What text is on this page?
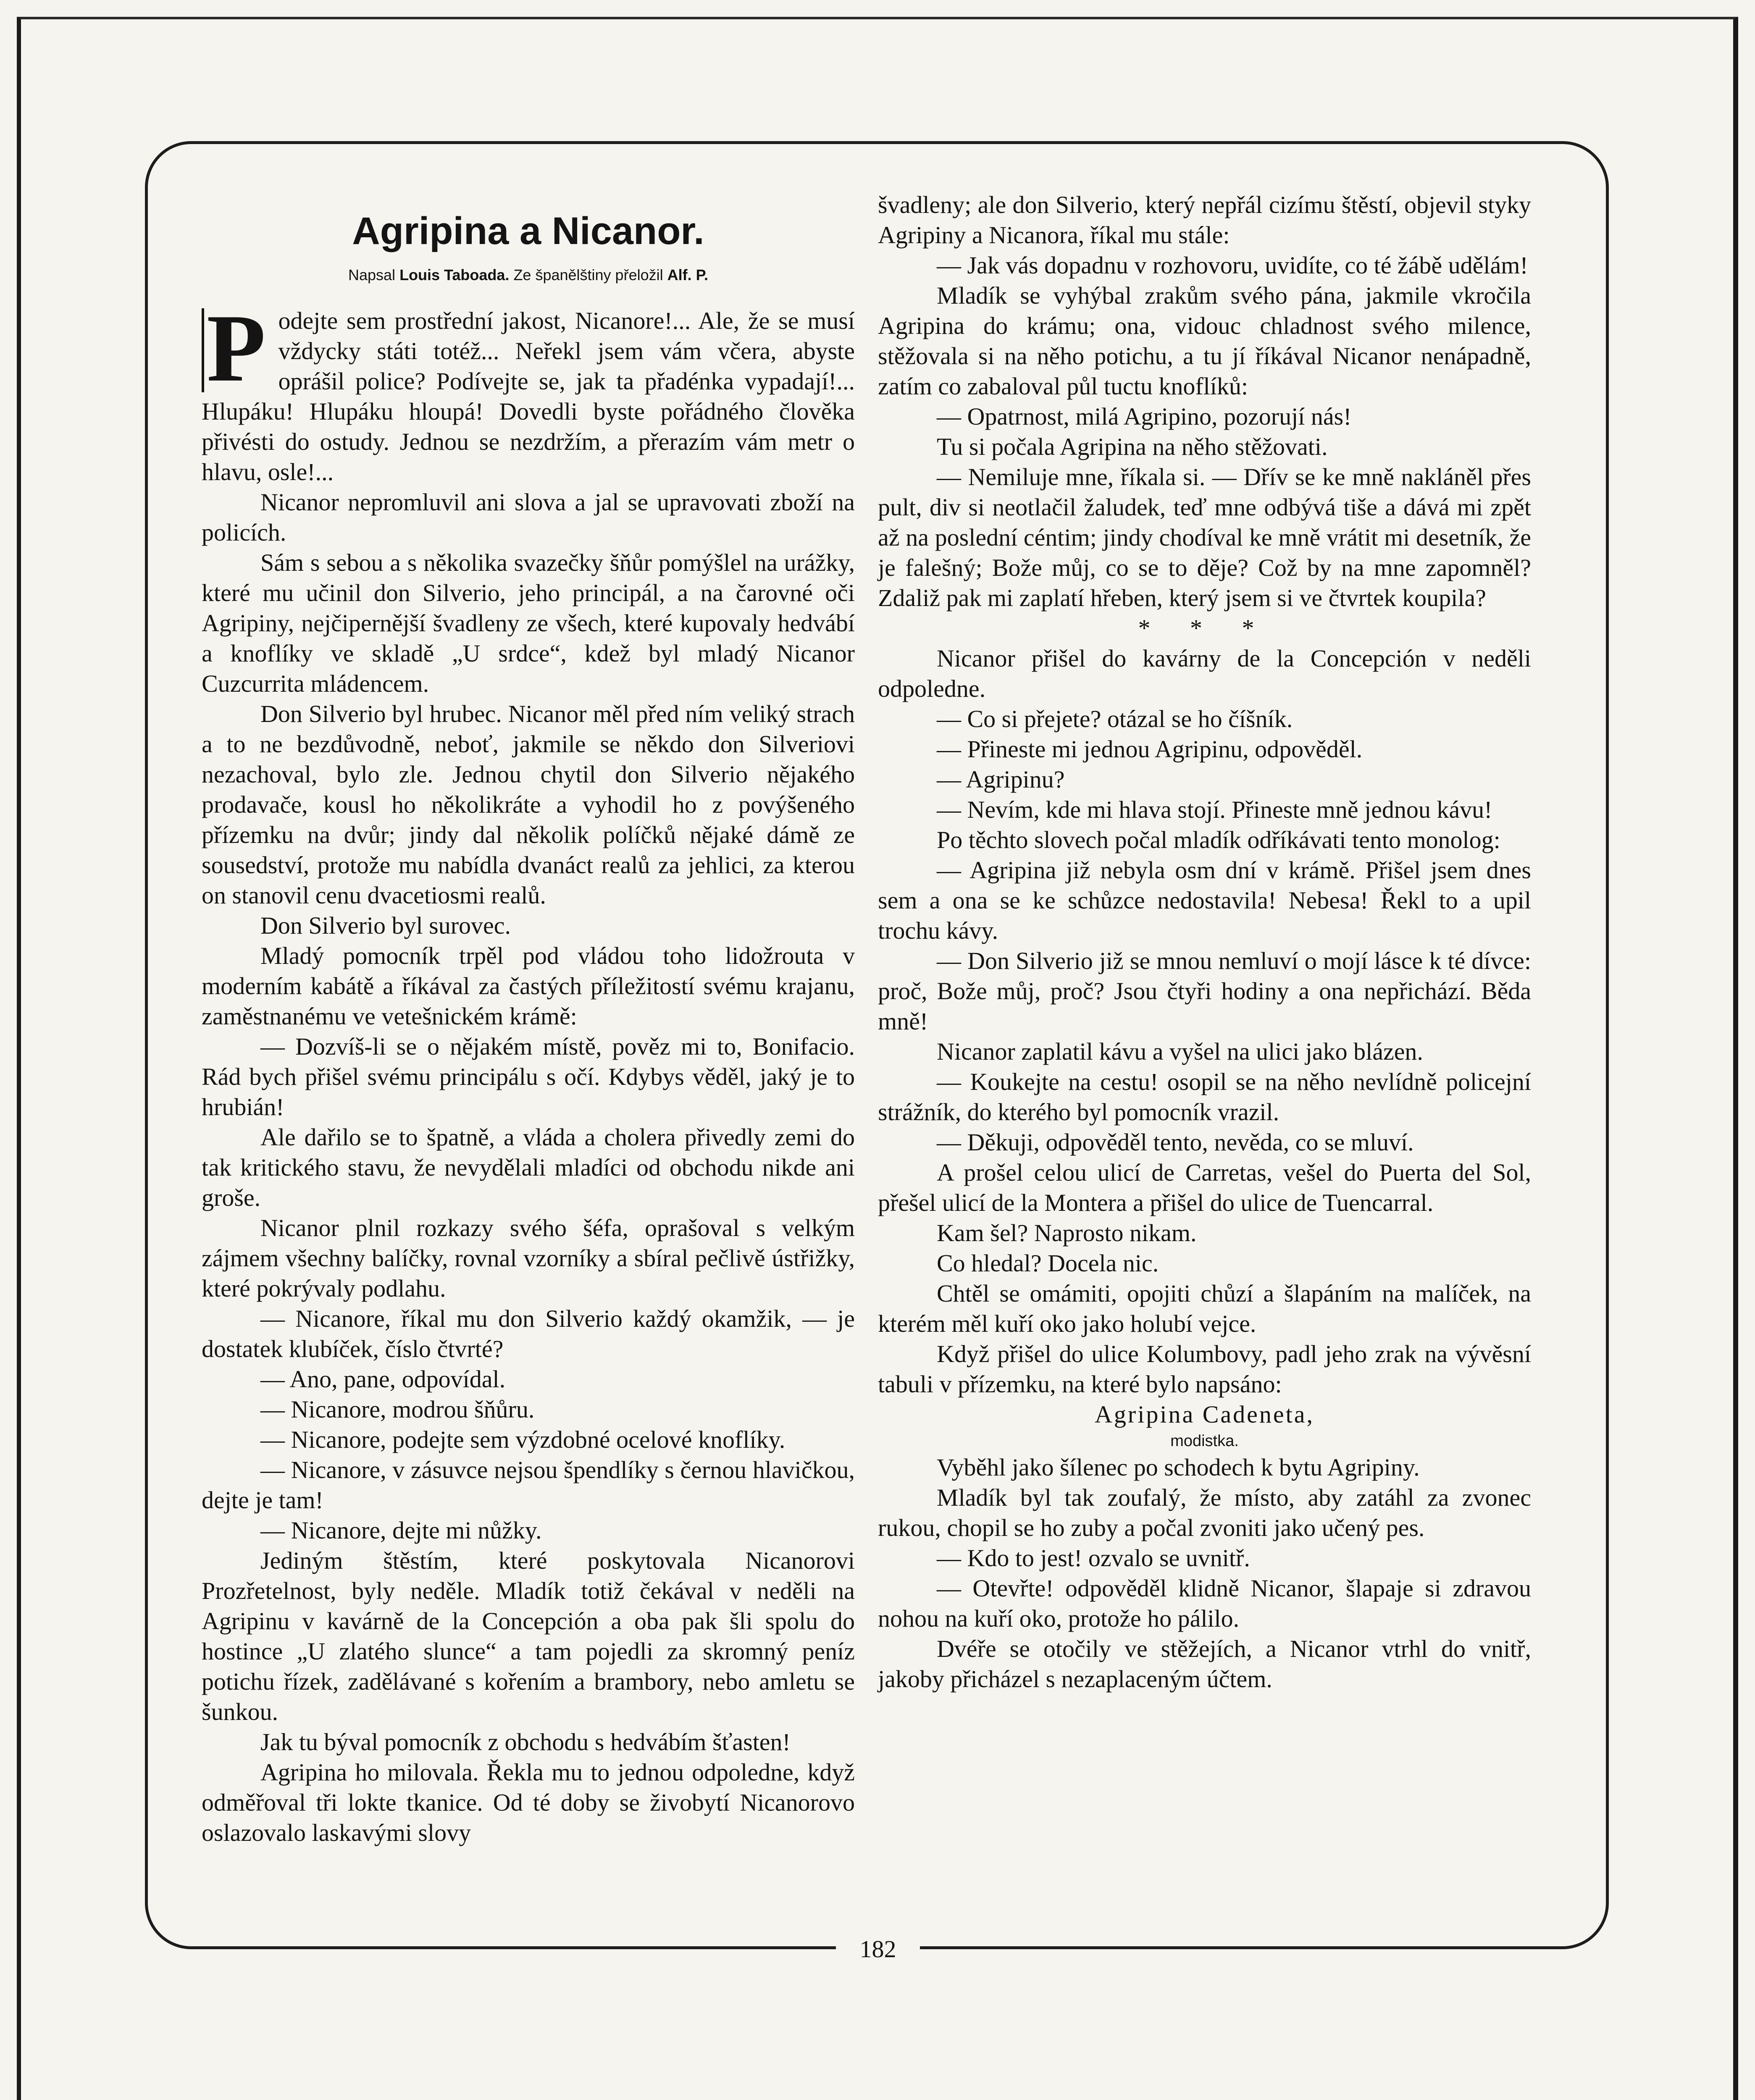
Agripina a Nicanor.
Napsal Louis Taboada. Ze španělštiny přeložil Alf. P.

P odejte sem prostřední jakost, Nicanore!... Ale, že se musí vždycky státi totéž... Neřekl jsem vám včera, abyste oprášil police? Podívejte se, jak ta přadénka vypadají!... Hlupáku! Hlupáku hloupá! Dovedli byste pořádného člověka přivésti do ostudy. Jednou se nezdržím, a přerazím vám metr o hlavu, osle!...

Nicanor nepromluvil ani slova a jal se upravovati zboží na policích.

Sám s sebou a s několika svazečky šňůr pomýšlel na urážky, které mu učinil don Silverio, jeho principál, a na čarovné oči Agripiny, nejčipernější švadleny ze všech, které kupovaly hedvábí a knoflíky ve skladě „U srdce“, kdež byl mladý Nicanor Cuzcurrita mládencem.

Don Silverio byl hrubec. Nicanor měl před ním veliký strach a to ne bezdůvodně, neboť, jakmile se někdo don Silveriovi nezachoval, bylo zle. Jednou chytil don Silverio nějakého prodavače, kousl ho několikráte a vyhodil ho z povýšeného přízemku na dvůr; jindy dal několik políčků nějaké dámě ze sousedství, protože mu nabídla dvanáct realů za jehlici, za kterou on stanovil cenu dvacetiosmi realů.

Don Silverio byl surovec.

Mladý pomocník trpěl pod vládou toho lidožrouta v moderním kabátě a říkával za častých příležitostí svému krajanu, zaměstnanému ve vetešnickém krámě:

— Dozvíš-li se o nějakém místě, pověz mi to, Bonifacio. Rád bych přišel svému principálu s očí. Kdybys věděl, jaký je to hrubián!

Ale dařilo se to špatně, a vláda a cholera přivedly zemi do tak kritického stavu, že nevydělali mladíci od obchodu nikde ani groše.

Nicanor plnil rozkazy svého šéfa, oprašoval s velkým zájmem všechny balíčky, rovnal vzorníky a sbíral pečlivě ústřižky, které pokrývaly podlahu.

— Nicanore, říkal mu don Silverio každý okamžik, — je dostatek klubíček, číslo čtvrté?

— Ano, pane, odpovídal.

— Nicanore, modrou šňůru.

— Nicanore, podejte sem výzdobné ocelové knoflíky.

— Nicanore, v zásuvce nejsou špendlíky s černou hlavičkou, dejte je tam!

— Nicanore, dejte mi nůžky.

Jediným štěstím, které poskytovala Nicanorovi Prozřetelnost, byly neděle. Mladík totiž čekával v neděli na Agripinu v kavárně de la Concepción a oba pak šli spolu do hostince „U zlatého slunce“ a tam pojedli za skromný peníz potichu řízek, zadělávané s kořením a brambory, nebo amletu se šunkou.

Jak tu býval pomocník z obchodu s hedvábím šťasten!

Agripina ho milovala. Řekla mu to jednou odpoledne, když odměřoval tři lokte tkanice. Od té doby se živobytí Nicanorovo oslazovalo laskavými slovy

švadleny; ale don Silverio, který nepřál cizímu štěstí, objevil styky Agripiny a Nicanora, říkal mu stále:

— Jak vás dopadnu v rozhovoru, uvidíte, co té žábě udělám!

Mladík se vyhýbal zrakům svého pána, jakmile vkročila Agripina do krámu; ona, vidouc chladnost svého milence, stěžovala si na něho potichu, a tu jí říkával Nicanor nenápadně, zatím co zabaloval půl tuctu knoflíků:

— Opatrnost, milá Agripino, pozorují nás!

Tu si počala Agripina na něho stěžovati.

— Nemiluje mne, říkala si. — Dřív se ke mně nakláněl přes pult, div si neotlačil žaludek, teď mne odbývá tiše a dává mi zpět až na poslední céntim; jindy chodíval ke mně vrátit mi desetník, že je falešný; Bože můj, co se to děje? Což by na mne zapomněl? Zdaliž pak mi zaplatí hřeben, který jsem si ve čtvrtek koupila?

* * *

Nicanor přišel do kavárny de la Concepción v neděli odpoledne.

— Co si přejete? otázal se ho číšník.

— Přineste mi jednou Agripinu, odpověděl.

— Agripinu?

— Nevím, kde mi hlava stojí. Přineste mně jednou kávu!

Po těchto slovech počal mladík odříkávati tento monolog:

— Agripina již nebyla osm dní v krámě. Přišel jsem dnes sem a ona se ke schůzce nedostavila! Nebesa! Řekl to a upil trochu kávy.

— Don Silverio již se mnou nemluví o mojí lásce k té dívce: proč, Bože můj, proč? Jsou čtyři hodiny a ona nepřichází. Běda mně!

Nicanor zaplatil kávu a vyšel na ulici jako blázen.

— Koukejte na cestu! osopil se na něho nevlídně policejní strážník, do kterého byl pomocník vrazil.

— Děkuji, odpověděl tento, nevěda, co se mluví.

A prošel celou ulicí de Carretas, vešel do Puerta del Sol, přešel ulicí de la Montera a přišel do ulice de Tuencarral.

Kam šel? Naprosto nikam.

Co hledal? Docela nic.

Chtěl se omámiti, opojiti chůzí a šlapáním na malíček, na kterém měl kuří oko jako holubí vejce.

Když přišel do ulice Kolumbovy, padl jeho zrak na vývěsní tabuli v přízemku, na které bylo napsáno:

Agripina Cadeneta,

modistka.

Vyběhl jako šílenec po schodech k bytu Agripiny.

Mladík byl tak zoufalý, že místo, aby zatáhl za zvonec rukou, chopil se ho zuby a počal zvoniti jako učený pes.

— Kdo to jest! ozvalo se uvnitř.

— Otevřte! odpověděl klidně Nicanor, šlapaje si zdravou nohou na kuří oko, protože ho pálilo.

Dvéře se otočily ve stěžejích, a Nicanor vtrhl do vnitř, jakoby přicházel s nezaplaceným účtem.

182
